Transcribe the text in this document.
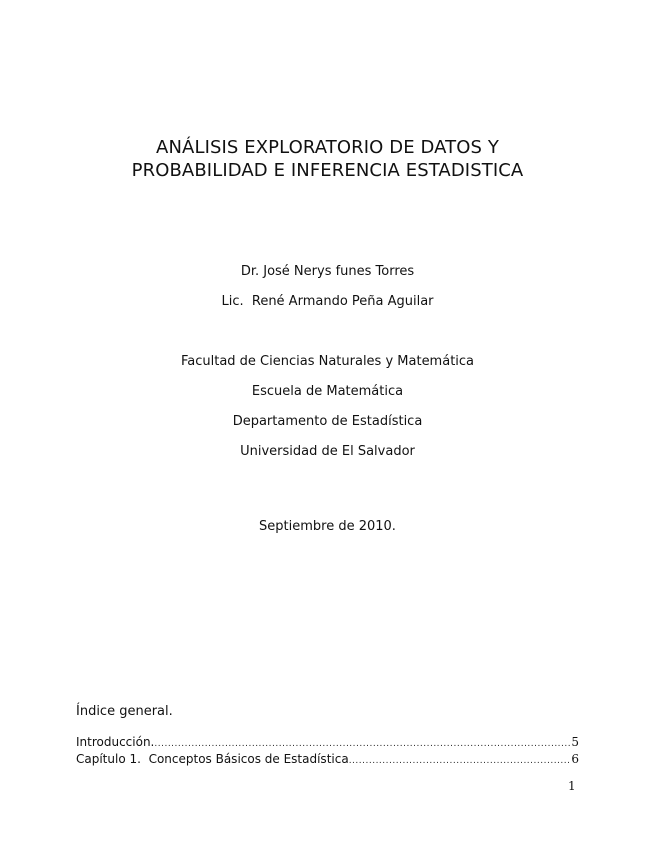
ANÁLISIS EXPLORATORIO DE DATOS Y
PROBABILIDAD E INFERENCIA ESTADISTICA
Dr. José Nerys funes Torres
Lic.  René Armando Peña Aguilar
Facultad de Ciencias Naturales y Matemática
Escuela de Matemática
Departamento de Estadística
Universidad de El Salvador
Septiembre de 2010.
Índice general.
Introducción. .....	5
Capítulo 1.  Conceptos Básicos de Estadística .....	6
1
